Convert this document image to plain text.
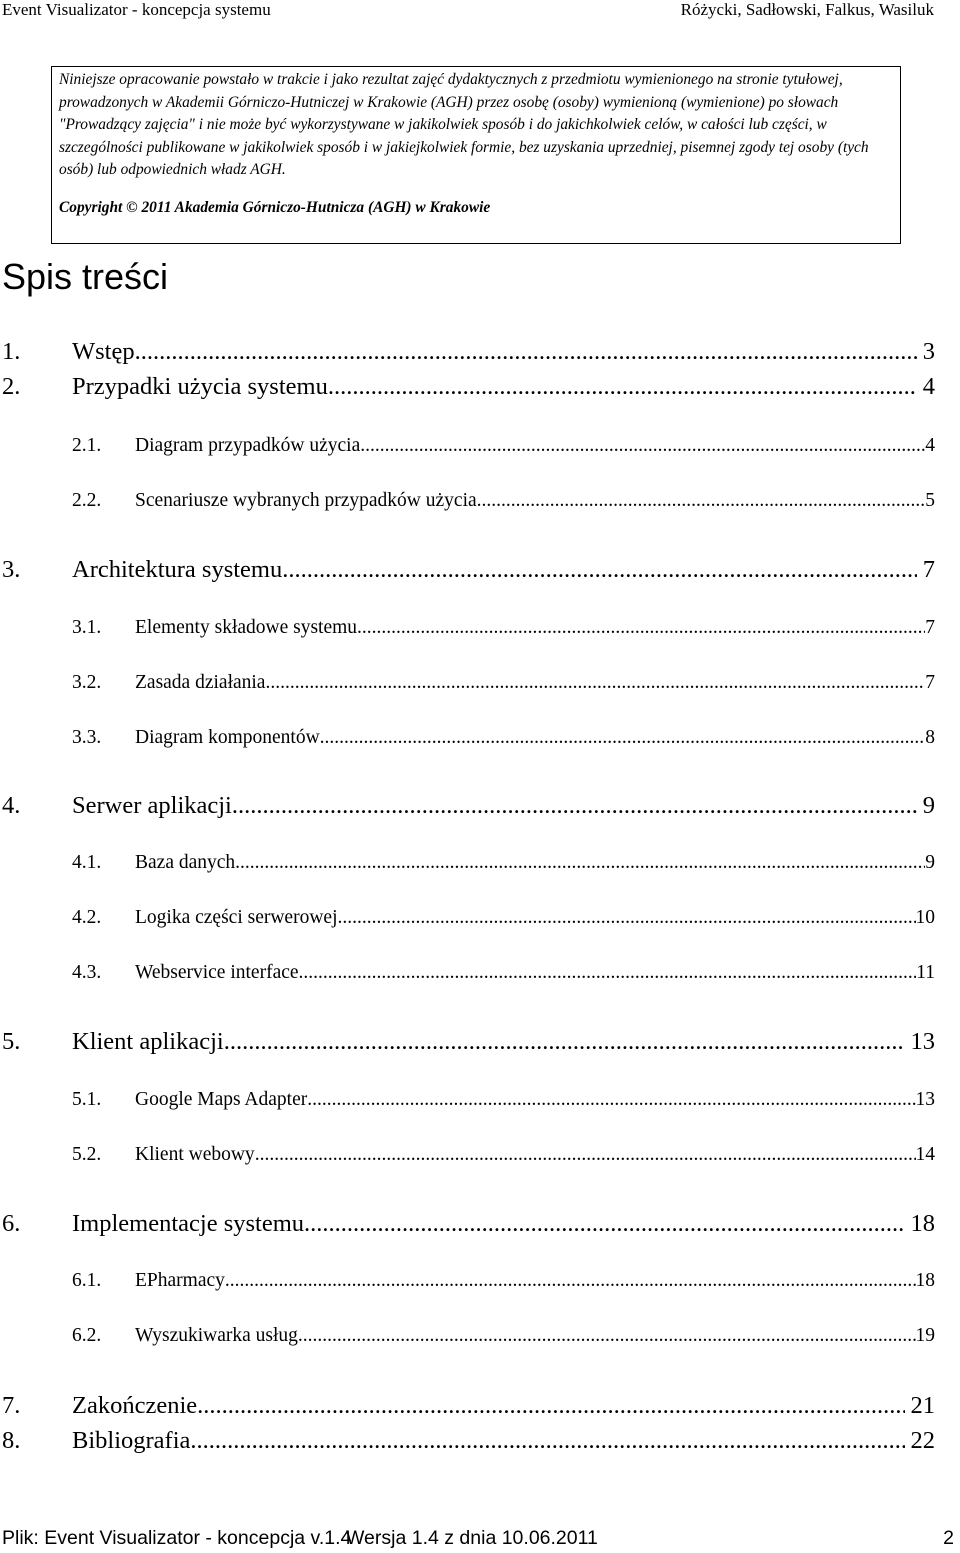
Event Visualizator - koncepcja systemu	Różycki, Sadłowski, Falkus, Wasiluk
Niniejsze opracowanie powstało w trakcie i jako rezultat zajęć dydaktycznych z przedmiotu wymienionego na stronie tytułowej, prowadzonych w Akademii Górniczo-Hutniczej w Krakowie (AGH) przez osobę (osoby) wymienioną (wymienione) po słowach "Prowadzący zajęcia" i nie może być wykorzystywane w jakikolwiek sposób i do jakichkolwiek celów, w całości lub części, w szczególności publikowane w jakikolwiek sposób i w jakiejkolwiek formie, bez uzyskania uprzedniej, pisemnej zgody tej osoby (tych osób) lub odpowiednich władz AGH.
Copyright © 2011 Akademia Górniczo-Hutnicza (AGH) w Krakowie
Spis treści
1.	Wstęp .....	3
2.	Przypadki użycia systemu .....	4
2.1.	Diagram przypadków użycia .....	4
2.2.	Scenariusze wybranych przypadków użycia .....	5
3.	Architektura systemu .....	7
3.1.	Elementy składowe systemu .....	7
3.2.	Zasada działania .....	7
3.3.	Diagram komponentów .....	8
4.	Serwer aplikacji .....	9
4.1.	Baza danych .....	9
4.2.	Logika części serwerowej .....	10
4.3.	Webservice interface .....	11
5.	Klient aplikacji .....	13
5.1.	Google Maps Adapter .....	13
5.2.	Klient webowy .....	14
6.	Implementacje systemu .....	18
6.1.	EPharmacy .....	18
6.2.	Wyszukiwarka usług .....	19
7.	Zakończenie .....	21
8.	Bibliografia .....	22
Plik: Event Visualizator - koncepcja v.1.4
Wersja 1.4 z dnia 10.06.2011	2
